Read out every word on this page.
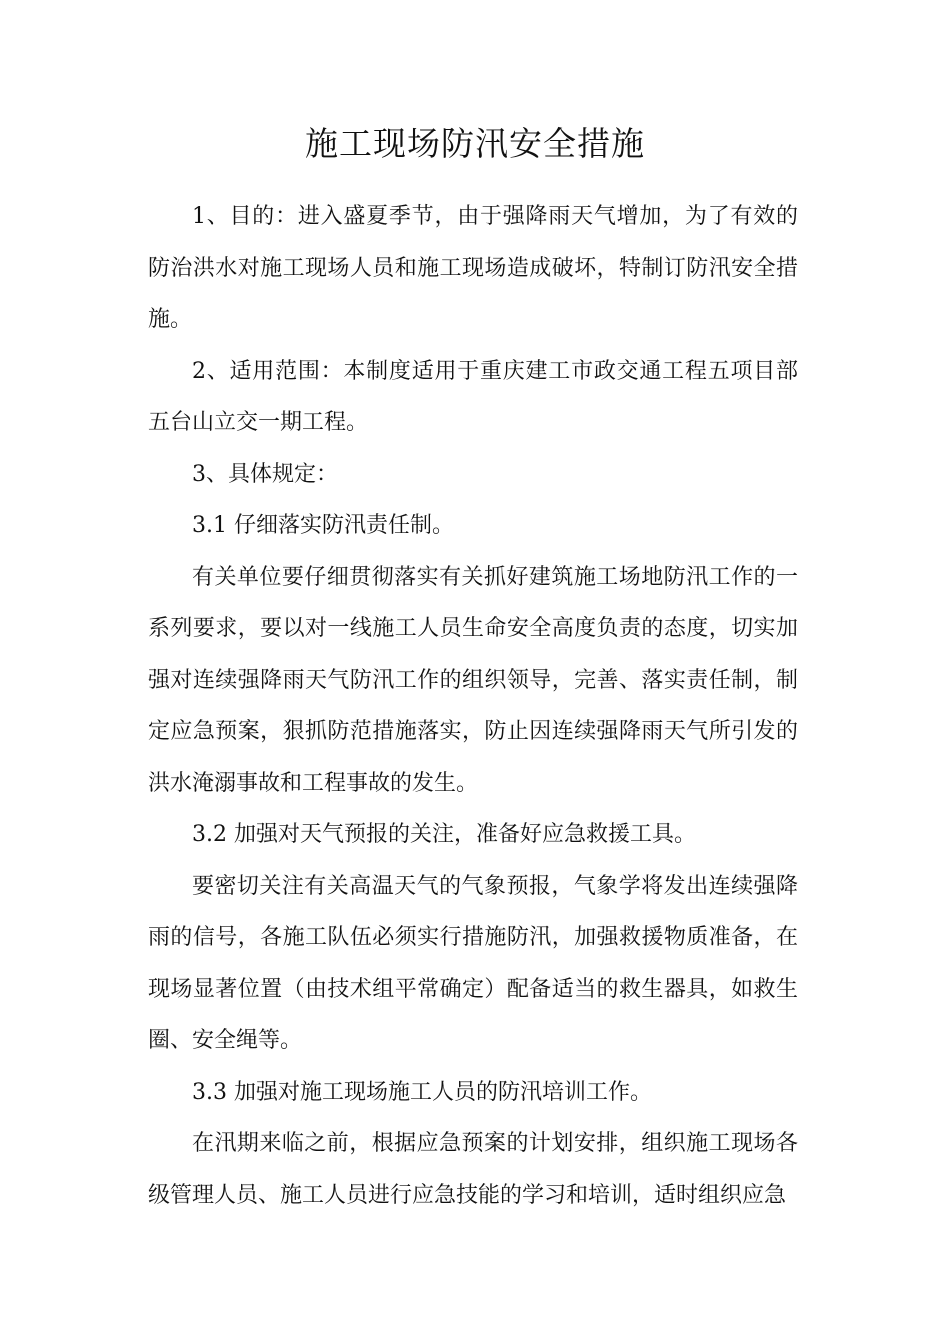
施工现场防汛安全措施

1、目的：进入盛夏季节，由于强降雨天气增加，为了有效的防治洪水对施工现场人员和施工现场造成破坏，特制订防汛安全措施。

2、适用范围：本制度适用于重庆建工市政交通工程五项目部五台山立交一期工程。

3、具体规定：

3.1 仔细落实防汛责任制。

有关单位要仔细贯彻落实有关抓好建筑施工场地防汛工作的一系列要求，要以对一线施工人员生命安全高度负责的态度，切实加强对连续强降雨天气防汛工作的组织领导，完善、落实责任制，制定应急预案，狠抓防范措施落实，防止因连续强降雨天气所引发的洪水淹溺事故和工程事故的发生。

3.2 加强对天气预报的关注，准备好应急救援工具。

要密切关注有关高温天气的气象预报，气象学将发出连续强降雨的信号，各施工队伍必须实行措施防汛，加强救援物质准备，在现场显著位置（由技术组平常确定）配备适当的救生器具，如救生圈、安全绳等。

3.3 加强对施工现场施工人员的防汛培训工作。

在汛期来临之前，根据应急预案的计划安排，组织施工现场各级管理人员、施工人员进行应急技能的学习和培训，适时组织应急
